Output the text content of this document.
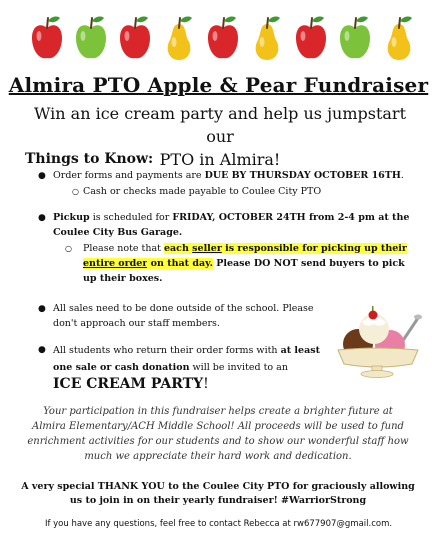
Almira PTO Apple & Pear Fundraiser
Win an ice cream party and help us jumpstart our
PTO in Almira!
Things to Know:
● Order forms and payments are DUE BY THURSDAY OCTOBER 16TH.
○ Cash or checks made payable to Coulee City PTO
● Pickup is scheduled for FRIDAY, OCTOBER 24TH from 2-4 pm at the
Coulee City Bus Garage.
○ Please note that each seller is responsible for picking up their
entire order on that day. Please DO NOT send buyers to pick
up their boxes.
● All sales need to be done outside of the school. Please
don't approach our staff members.
● All students who return their order forms with at least
one sale or cash donation will be invited to an
ICE CREAM PARTY!
Your participation in this fundraiser helps create a brighter future at
Almira Elementary/ACH Middle School! All proceeds will be used to fund
enrichment activities for our students and to show our wonderful staff how
much we appreciate their hard work and dedication.
A very special THANK YOU to the Coulee City PTO for graciously allowing
us to join in on their yearly fundraiser! #WarriorStrong
If you have any questions, feel free to contact Rebecca at rw677907@gmail.com.
